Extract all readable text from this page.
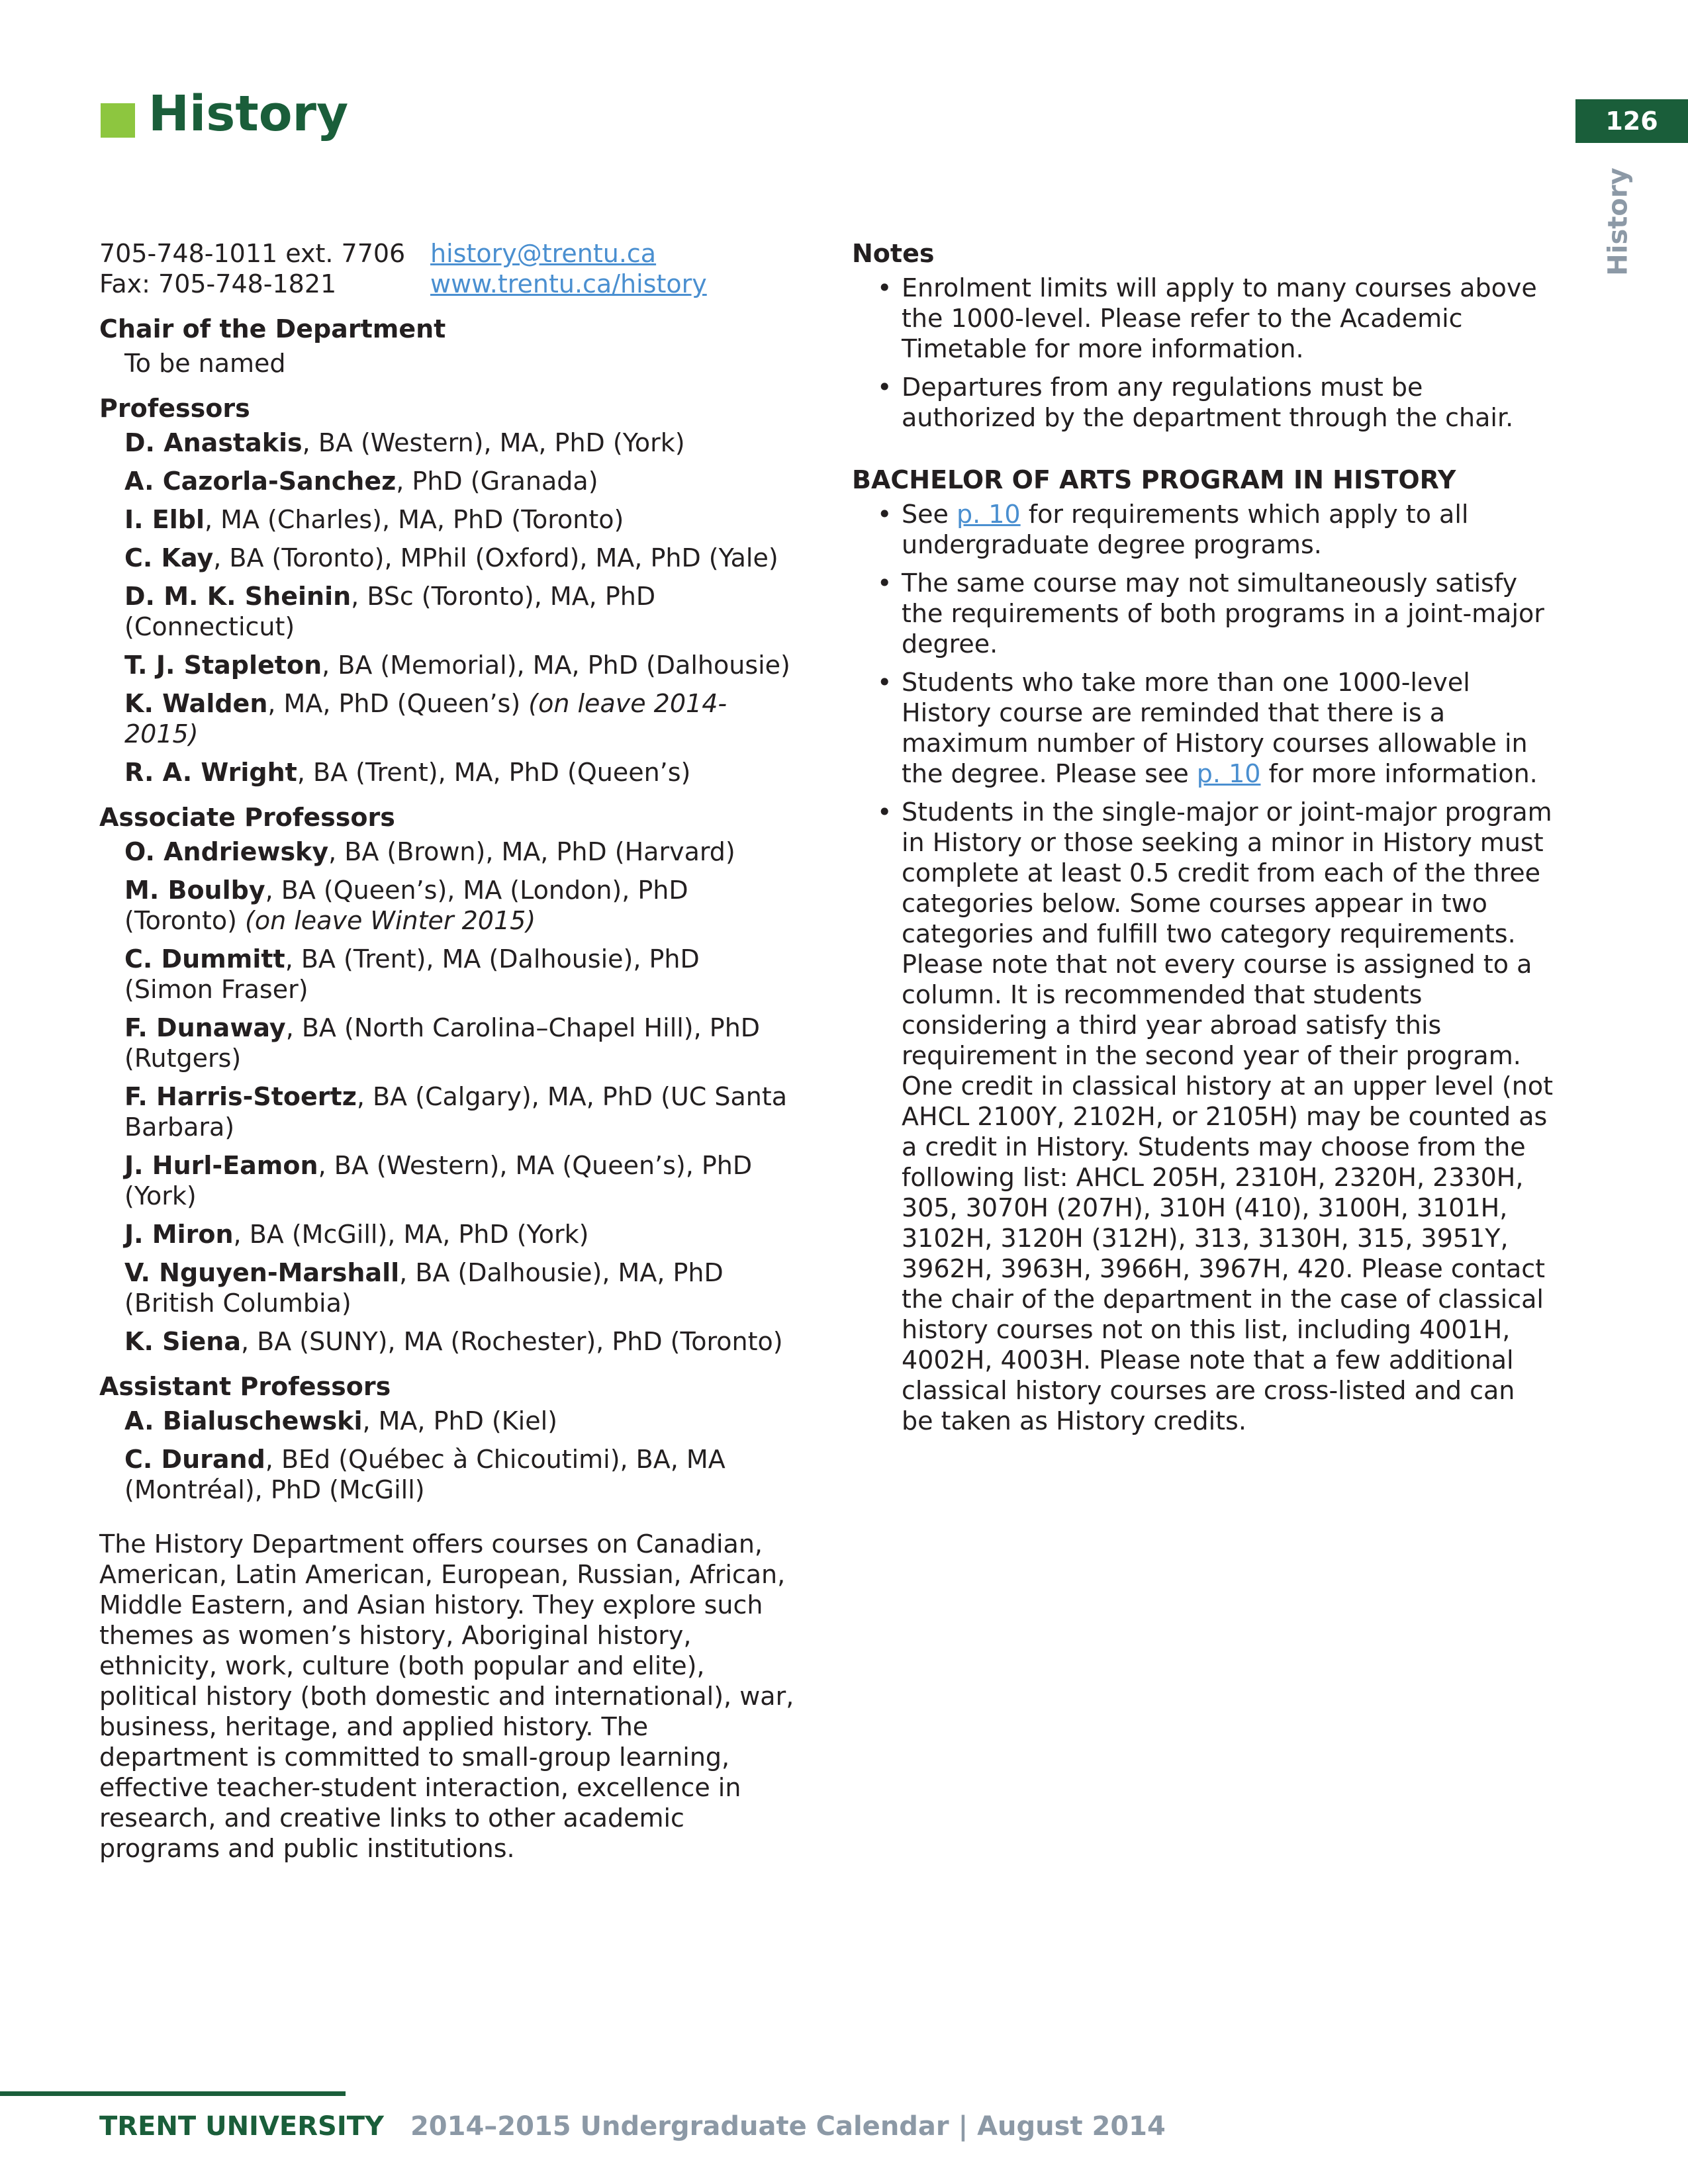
History	126
History
705-748-1011 ext. 7706 history@trentu.ca
Fax: 705-748-1821	www.trentu.ca/history

Chair of the Department

To be named

Professors

D. Anastakis, BA (Western), MA, PhD (York)
A. Cazorla-Sanchez, PhD (Granada)
I. Elbl, MA (Charles), MA, PhD (Toronto)
C. Kay, BA (Toronto), MPhil (Oxford), MA, PhD (Yale)
D. M. K. Sheinin, BSc (Toronto), MA, PhD (Connecticut)
T. J. Stapleton, BA (Memorial), MA, PhD (Dalhousie)
K. Walden, MA, PhD (Queen’s) (on leave 2014-2015)
R. A. Wright, BA (Trent), MA, PhD (Queen’s)

Associate Professors

O. Andriewsky, BA (Brown), MA, PhD (Harvard)
M. Boulby, BA (Queen’s), MA (London), PhD (Toronto) (on leave Winter 2015)
C. Dummitt, BA (Trent), MA (Dalhousie), PhD (Simon Fraser)
F. Dunaway, BA (North Carolina–Chapel Hill), PhD (Rutgers)
F. Harris-Stoertz, BA (Calgary), MA, PhD (UC Santa Barbara)
J. Hurl-Eamon, BA (Western), MA (Queen’s), PhD (York)
J. Miron, BA (McGill), MA, PhD (York)
V. Nguyen-Marshall, BA (Dalhousie), MA, PhD (British Columbia)
K. Siena, BA (SUNY), MA (Rochester), PhD (Toronto)

Assistant Professors

A. Bialuschewski, MA, PhD (Kiel)
C. Durand, BEd (Québec à Chicoutimi), BA, MA (Montréal), PhD (McGill)
The History Department offers courses on Canadian, American, Latin American, European, Russian, African, Middle Eastern, and Asian history. They explore such themes as women’s history, Aboriginal history, ethnicity, work, culture (both popular and elite), political history (both domestic and international), war, business, heritage, and applied history. The department is committed to small-group learning, effective teacher-student interaction, excellence in research, and creative links to other academic programs and public institutions.

Notes

• Enrolment limits will apply to many courses above the 1000-level. Please refer to the Academic Timetable for more information.
• Departures from any regulations must be authorized by the department through the chair.

BACHELOR OF ARTS PROGRAM IN HISTORY

• See p. 10 for requirements which apply to all undergraduate degree programs.
• The same course may not simultaneously satisfy the requirements of both programs in a joint-major degree.
• Students who take more than one 1000-level History course are reminded that there is a maximum number of History courses allowable in the degree. Please see p. 10 for more information.
• Students in the single-major or joint-major program in History or those seeking a minor in History must complete at least 0.5 credit from each of the three categories below. Some courses appear in two categories and fulfill two category requirements. Please note that not every course is assigned to a column. It is recommended that students considering a third year abroad satisfy this requirement in the second year of their program. One credit in classical history at an upper level (not AHCL 2100Y, 2102H, or 2105H) may be counted as a credit in History. Students may choose from the following list: AHCL 205H, 2310H, 2320H, 2330H, 305, 3070H (207H), 310H (410), 3100H, 3101H, 3102H, 3120H (312H), 313, 3130H, 315, 3951Y, 3962H, 3963H, 3966H, 3967H, 420. Please contact the chair of the department in the case of classical history courses not on this list, including 4001H, 4002H, 4003H. Please note that a few additional classical history courses are cross-listed and can be taken as History credits.
TRENT UNIVERSITY 2014–2015 Undergraduate Calendar | August 2014
